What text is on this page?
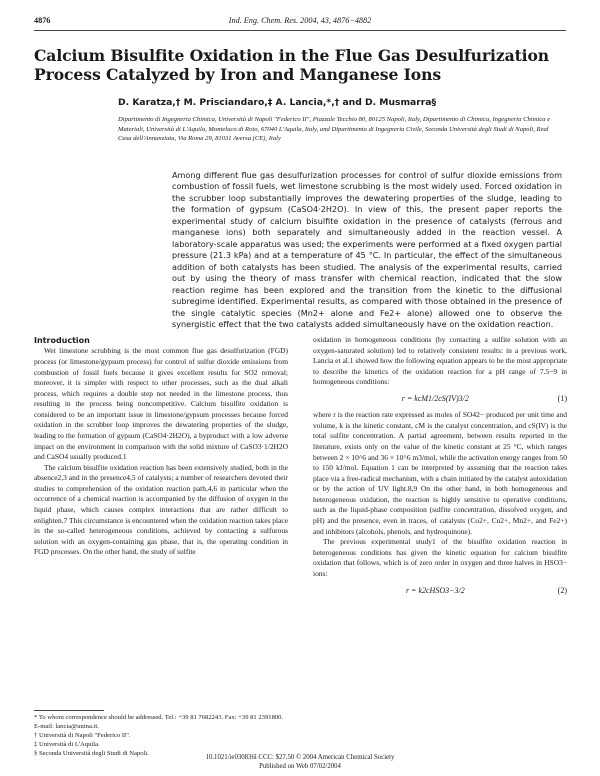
4876	Ind. Eng. Chem. Res. 2004, 43, 4876−4882
Calcium Bisulfite Oxidation in the Flue Gas Desulfurization Process Catalyzed by Iron and Manganese Ions
D. Karatza,† M. Prisciandaro,‡ A. Lancia,*,† and D. Musmarra§
Dipartimento di Ingegneria Chimica, Università di Napoli "Federico II", Piazzale Tecchio 80, 80125 Napoli, Italy, Dipartimento di Chimica, Ingegneria Chimica e Materiali, Università di L'Aquila, Monteluco di Roio, 67040 L'Aquila, Italy, and Dipartimento di Ingegneria Civile, Seconda Università degli Studi di Napoli, Real Casa dell'Annunziata, Via Roma 29, 81031 Aversa (CE), Italy
Among different flue gas desulfurization processes for control of sulfur dioxide emissions from combustion of fossil fuels, wet limestone scrubbing is the most widely used. Forced oxidation in the scrubber loop substantially improves the dewatering properties of the sludge, leading to the formation of gypsum (CaSO4·2H2O). In view of this, the present paper reports the experimental study of calcium bisulfite oxidation in the presence of catalysts (ferrous and manganese ions) both separately and simultaneously added in the reaction vessel. A laboratory-scale apparatus was used; the experiments were performed at a fixed oxygen partial pressure (21.3 kPa) and at a temperature of 45 °C. In particular, the effect of the simultaneous addition of both catalysts has been studied. The analysis of the experimental results, carried out by using the theory of mass transfer with chemical reaction, indicated that the slow reaction regime has been explored and the transition from the kinetic to the diffusional subregime identified. Experimental results, as compared with those obtained in the presence of the single catalytic species (Mn2+ alone and Fe2+ alone) allowed one to observe the synergistic effect that the two catalysts added simultaneously have on the oxidation reaction.

Introduction

Wet limestone scrubbing is the most common flue gas desulfurization (FGD) process (or limestone/gypsum process) for control of sulfur dioxide emissions from combustion of fossil fuels because it gives excellent results for SO2 removal; moreover, it is simpler with respect to other processes, such as the dual alkali process, which requires a double step not needed in the limestone process, thus resulting in the process being noncompetitive. Calcium bisulfite oxidation is considered to be an important issue in limestone/gypsum processes because forced oxidation in the scrubber loop improves the dewatering properties of the sludge, leading to the formation of gypsum (CaSO4·2H2O), a byproduct with a low adverse impact on the environment in comparison with the solid mixture of CaSO3·1/2H2O and CaSO4 usually produced.1

The calcium bisulfite oxidation reaction has been extensively studied, both in the absence2,3 and in the presence4,5 of catalysts; a number of researchers devoted their studies to comprehension of the oxidation reaction path,4,6 in particular when the occurrence of a chemical reaction is accompanied by the diffusion of oxygen in the liquid phase, which causes complex interactions that are rather difficult to enlighten.7 This circumstance is encountered when the oxidation reaction takes place in the so-called heterogeneous conditions, achieved by contacting a sulfurous solution with an oxygen-containing gas phase, that is, the operating condition in FGD processes. On the other hand, the study of sulfite

oxidation in homogeneous conditions (by contacting a sulfite solution with an oxygen-saturated solution) led to relatively consistent results: in a previous work, Lancia et al.1 showed how the following equation appears to be the most appropriate to describe the kinetics of the oxidation reaction for a pH range of 7.5−9 in homogeneous conditions:

r = kcM1/2cS(IV)3/2	(1)

where r is the reaction rate expressed as moles of SO42− produced per unit time and volume, k is the kinetic constant, cM is the catalyst concentration, and cS(IV) is the total sulfite concentration. A partial agreement, between results reported in the literature, exists only on the value of the kinetic constant at 25 °C, which ranges between 2 × 10^6 and 36 × 10^6 m3/mol, while the activation energy ranges from 50 to 150 kJ/mol. Equation 1 can be interpreted by assuming that the reaction takes place via a free-radical mechanism, with a chain initiated by the catalyst autoxidation or by the action of UV light.8,9 On the other hand, in both homogeneous and heterogeneous oxidation, the reaction is highly sensitive to operative conditions, such as the liquid-phase composition (sulfite concentration, dissolved oxygen, and pH) and the presence, even in traces, of catalysts (Co2+, Cu2+, Mn2+, and Fe2+) and inhibitors (alcohols, phenols, and hydroquinone).

The previous experimental study1 of the bisulfite oxidation reaction in heterogeneous conditions has given the kinetic equation for calcium bisulfite oxidation that follows, which is of zero order in oxygen and three halves in HSO3− ions:

r = k2cHSO3−3/2	(2)
* To whom correspondence should be addressed. Tel.: +39 81 7682243. Fax: +39 81 2391800. E-mail: lancia@unina.it.
† Università di Napoli "Federico II".
‡ Università di L'Aquila.
§ Seconda Università degli Studi di Napoli.
10.1021/ie030836l CCC: $27.50 © 2004 American Chemical Society
Published on Web 07/02/2004
